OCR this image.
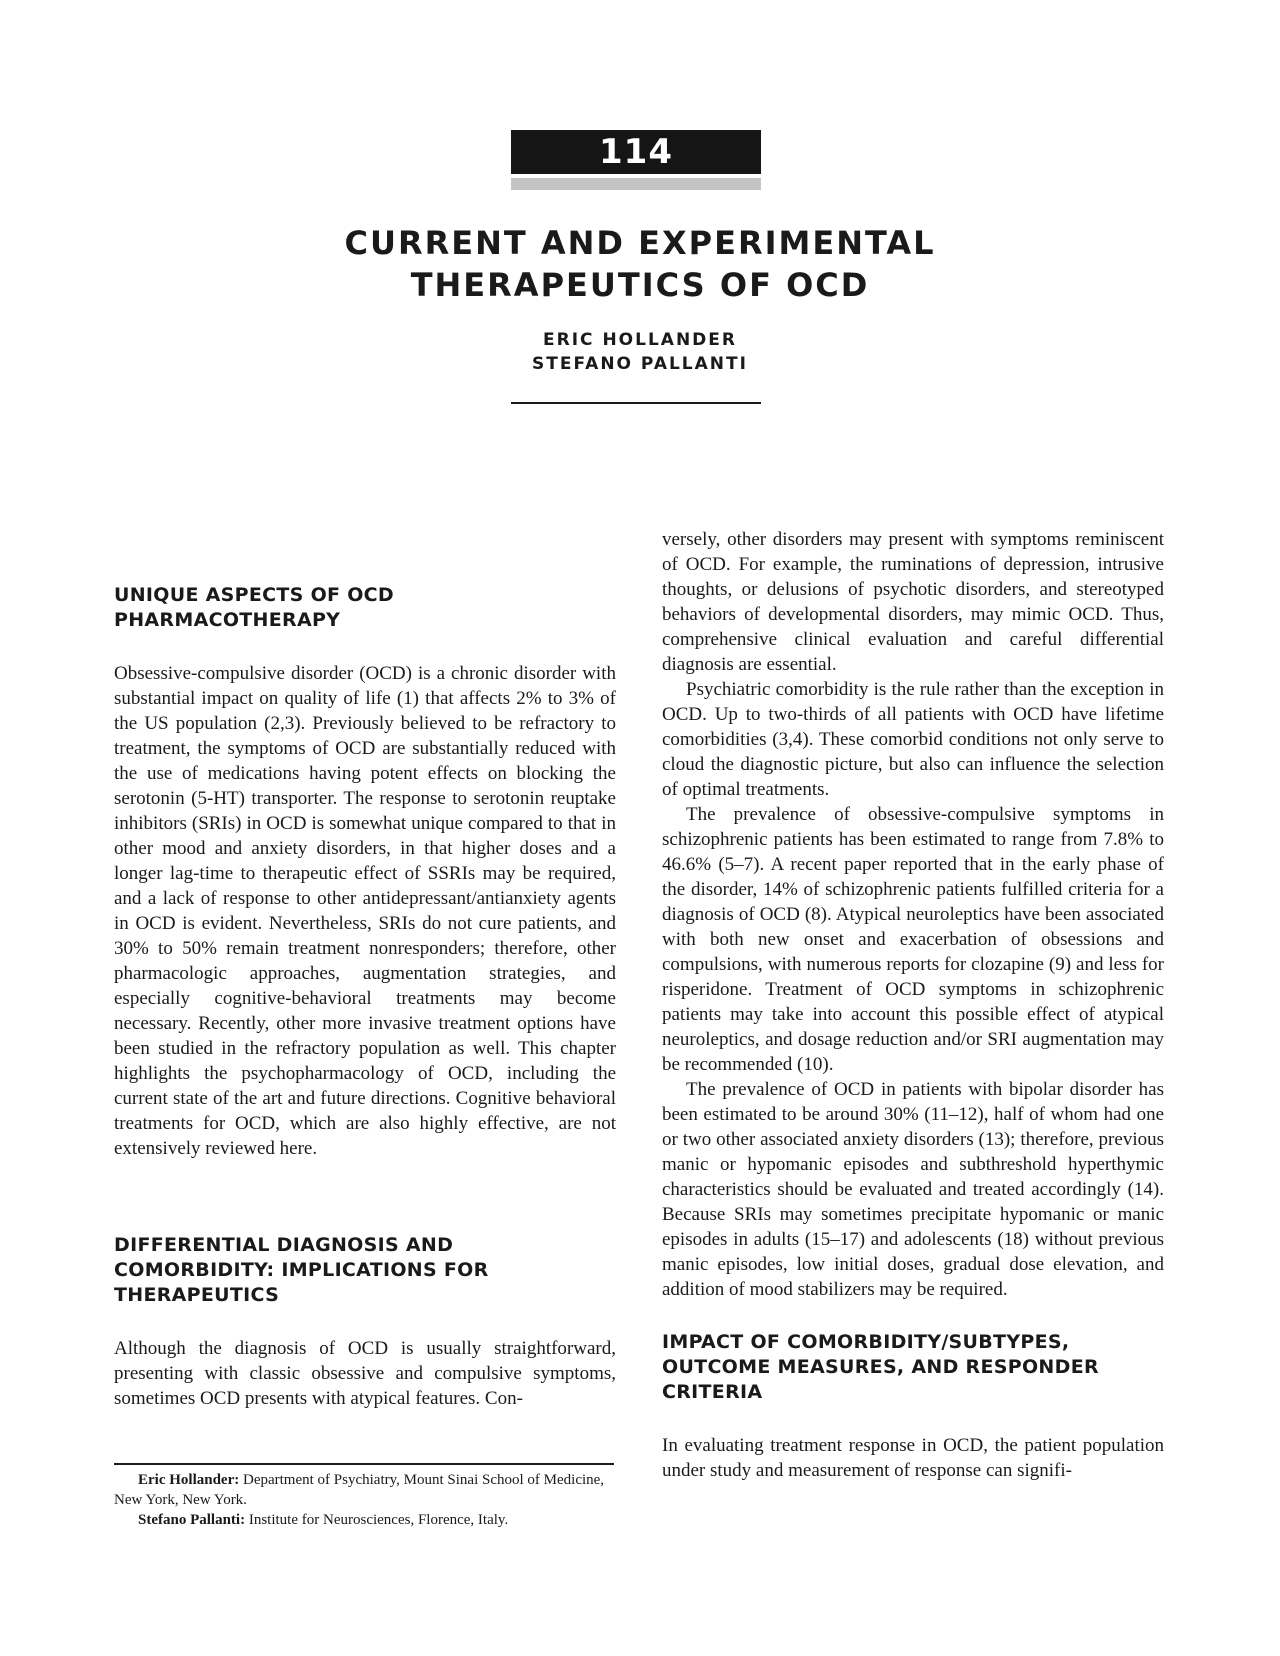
114
CURRENT AND EXPERIMENTAL
THERAPEUTICS OF OCD
ERIC HOLLANDER
STEFANO PALLANTI
UNIQUE ASPECTS OF OCD PHARMACOTHERAPY

Obsessive-compulsive disorder (OCD) is a chronic disorder with substantial impact on quality of life (1) that affects 2% to 3% of the US population (2,3). Previously believed to be refractory to treatment, the symptoms of OCD are substantially reduced with the use of medications having potent effects on blocking the serotonin (5-HT) transporter. The response to serotonin reuptake inhibitors (SRIs) in OCD is somewhat unique compared to that in other mood and anxiety disorders, in that higher doses and a longer lag-time to therapeutic effect of SSRIs may be required, and a lack of response to other antidepressant/antianxiety agents in OCD is evident. Nevertheless, SRIs do not cure patients, and 30% to 50% remain treatment nonresponders; therefore, other pharmacologic approaches, augmentation strategies, and especially cognitive-behavioral treatments may become necessary. Recently, other more invasive treatment options have been studied in the refractory population as well. This chapter highlights the psychopharmacology of OCD, including the current state of the art and future directions. Cognitive behavioral treatments for OCD, which are also highly effective, are not extensively reviewed here.

DIFFERENTIAL DIAGNOSIS AND COMORBIDITY: IMPLICATIONS FOR THERAPEUTICS

Although the diagnosis of OCD is usually straightforward, presenting with classic obsessive and compulsive symptoms, sometimes OCD presents with atypical features. Con-

versely, other disorders may present with symptoms reminiscent of OCD. For example, the ruminations of depression, intrusive thoughts, or delusions of psychotic disorders, and stereotyped behaviors of developmental disorders, may mimic OCD. Thus, comprehensive clinical evaluation and careful differential diagnosis are essential.

Psychiatric comorbidity is the rule rather than the exception in OCD. Up to two-thirds of all patients with OCD have lifetime comorbidities (3,4). These comorbid conditions not only serve to cloud the diagnostic picture, but also can influence the selection of optimal treatments.

The prevalence of obsessive-compulsive symptoms in schizophrenic patients has been estimated to range from 7.8% to 46.6% (5–7). A recent paper reported that in the early phase of the disorder, 14% of schizophrenic patients fulfilled criteria for a diagnosis of OCD (8). Atypical neuroleptics have been associated with both new onset and exacerbation of obsessions and compulsions, with numerous reports for clozapine (9) and less for risperidone. Treatment of OCD symptoms in schizophrenic patients may take into account this possible effect of atypical neuroleptics, and dosage reduction and/or SRI augmentation may be recommended (10).

The prevalence of OCD in patients with bipolar disorder has been estimated to be around 30% (11–12), half of whom had one or two other associated anxiety disorders (13); therefore, previous manic or hypomanic episodes and subthreshold hyperthymic characteristics should be evaluated and treated accordingly (14). Because SRIs may sometimes precipitate hypomanic or manic episodes in adults (15–17) and adolescents (18) without previous manic episodes, low initial doses, gradual dose elevation, and addition of mood stabilizers may be required.

IMPACT OF COMORBIDITY/SUBTYPES, OUTCOME MEASURES, AND RESPONDER CRITERIA

In evaluating treatment response in OCD, the patient population under study and measurement of response can signifi-

Eric Hollander: Department of Psychiatry, Mount Sinai School of Medicine, New York, New York.

Stefano Pallanti: Institute for Neurosciences, Florence, Italy.
